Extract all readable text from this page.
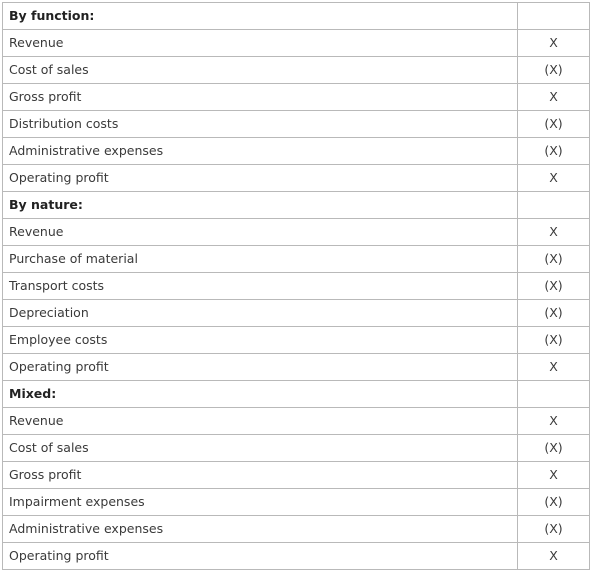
By function:	
Revenue	X
Cost of sales	(X)
Gross profit	X
Distribution costs	(X)
Administrative expenses	(X)
Operating profit	X
By nature:	
Revenue	X
Purchase of material	(X)
Transport costs	(X)
Depreciation	(X)
Employee costs	(X)
Operating profit	X
Mixed:	
Revenue	X
Cost of sales	(X)
Gross profit	X
Impairment expenses	(X)
Administrative expenses	(X)
Operating profit	X
